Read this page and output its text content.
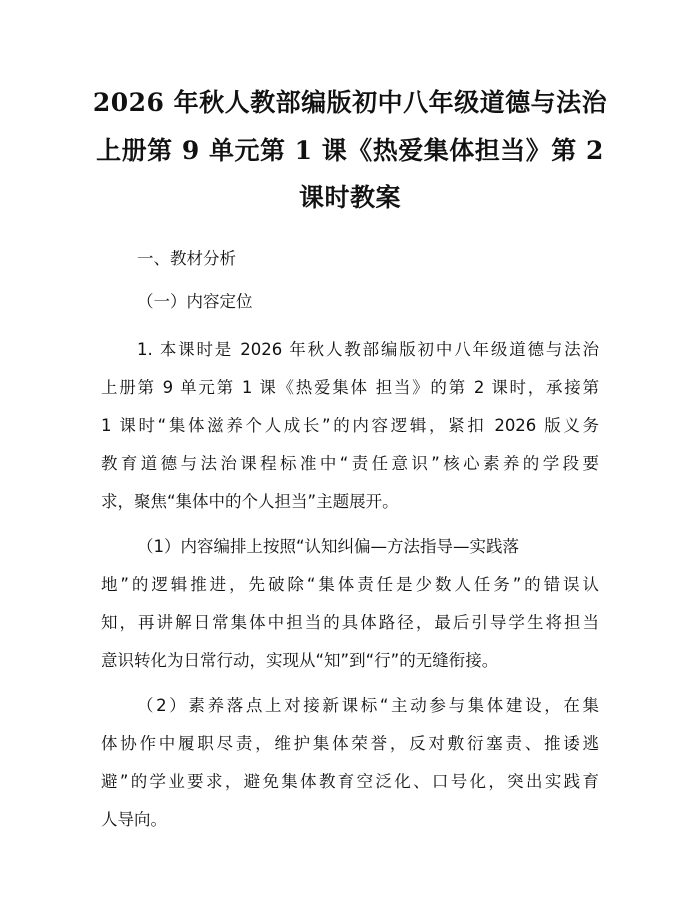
2026 年秋人教部编版初中八年级道德与法治
上册第 9 单元第 1 课《热爱集体担当》第 2
课时教案
一、教材分析
（一）内容定位
1. 本课时是 2026 年秋人教部编版初中八年级道德与法治
上册第 9 单元第 1 课《热爱集体 担当》的第 2 课时，承接第
1 课时“集体滋养个人成长”的内容逻辑，紧扣 2026 版义务
教育道德与法治课程标准中“责任意识”核心素养的学段要
求，聚焦“集体中的个人担当”主题展开。
（1）内容编排上按照“认知纠偏—方法指导—实践落
地”的逻辑推进，先破除“集体责任是少数人任务”的错误认
知，再讲解日常集体中担当的具体路径，最后引导学生将担当
意识转化为日常行动，实现从“知”到“行”的无缝衔接。
（2）素养落点上对接新课标“主动参与集体建设，在集
体协作中履职尽责，维护集体荣誉，反对敷衍塞责、推诿逃
避”的学业要求，避免集体教育空泛化、口号化，突出实践育
人导向。
